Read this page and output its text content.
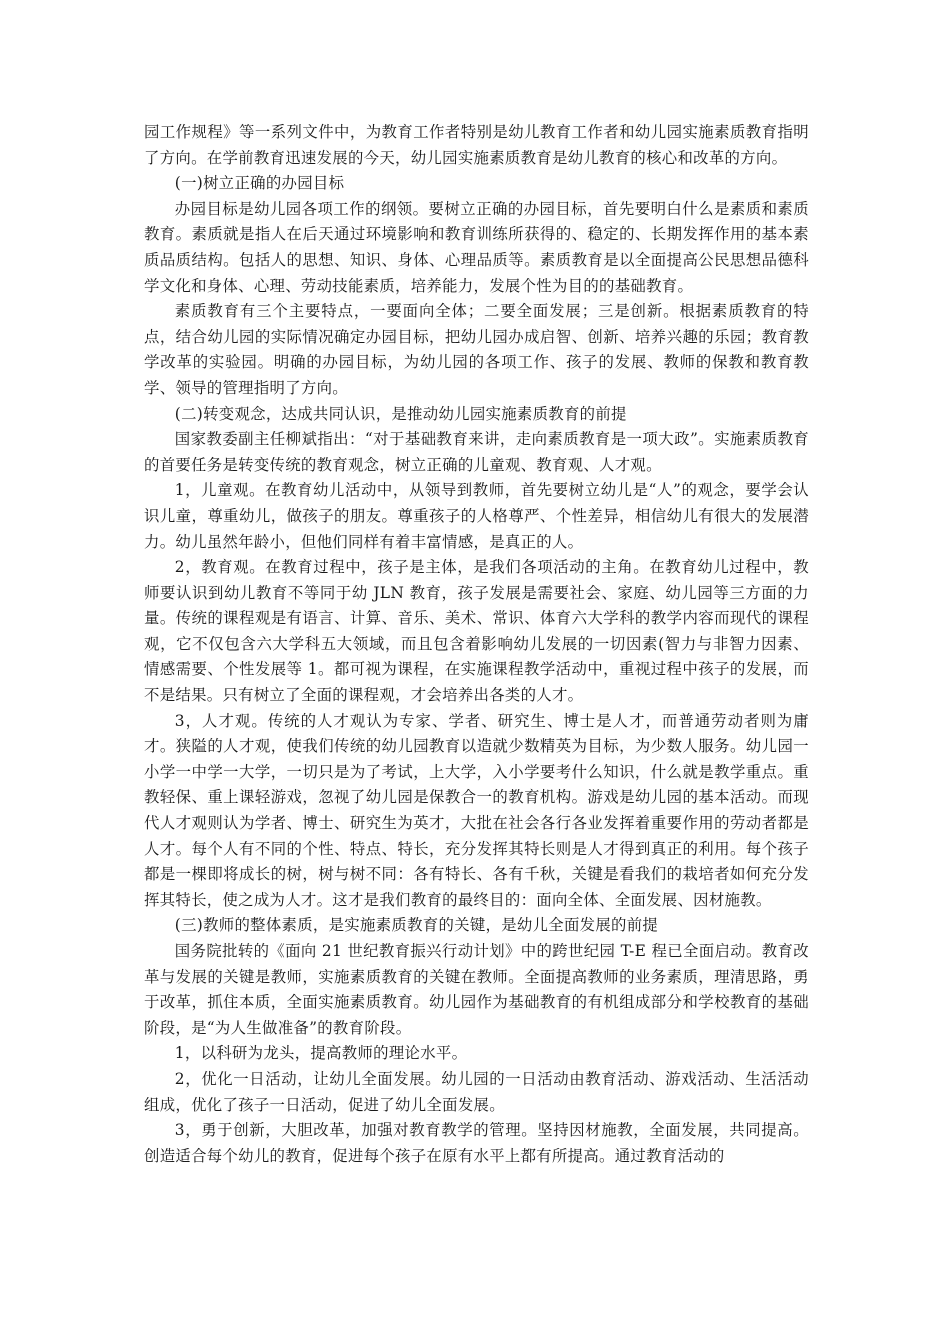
园工作规程》等一系列文件中，为教育工作者特别是幼儿教育工作者和幼儿园实施素质教育指明了方向。在学前教育迅速发展的今天，幼儿园实施素质教育是幼儿教育的核心和改革的方向。

(一)树立正确的办园目标

办园目标是幼儿园各项工作的纲领。要树立正确的办园目标，首先要明白什么是素质和素质教育。素质就是指人在后天通过环境影响和教育训练所获得的、稳定的、长期发挥作用的基本素质品质结构。包括人的思想、知识、身体、心理品质等。素质教育是以全面提高公民思想品德科学文化和身体、心理、劳动技能素质，培养能力，发展个性为目的的基础教育。

素质教育有三个主要特点，一要面向全体；二要全面发展；三是创新。根据素质教育的特点，结合幼儿园的实际情况确定办园目标，把幼儿园办成启智、创新、培养兴趣的乐园；教育教学改革的实验园。明确的办园目标，为幼儿园的各项工作、孩子的发展、教师的保教和教育教学、领导的管理指明了方向。

(二)转变观念，达成共同认识，是推动幼儿园实施素质教育的前提

国家教委副主任柳斌指出：“对于基础教育来讲，走向素质教育是一项大政”。实施素质教育的首要任务是转变传统的教育观念，树立正确的儿童观、教育观、人才观。

1，儿童观。在教育幼儿活动中，从领导到教师，首先要树立幼儿是“人”的观念，要学会认识儿童，尊重幼儿，做孩子的朋友。尊重孩子的人格尊严、个性差异，相信幼儿有很大的发展潜力。幼儿虽然年龄小，但他们同样有着丰富情感，是真正的人。

2，教育观。在教育过程中，孩子是主体，是我们各项活动的主角。在教育幼儿过程中，教师要认识到幼儿教育不等同于幼 JLN 教育，孩子发展是需要社会、家庭、幼儿园等三方面的力量。传统的课程观是有语言、计算、音乐、美术、常识、体育六大学科的教学内容而现代的课程观，它不仅包含六大学科五大领域，而且包含着影响幼儿发展的一切因素(智力与非智力因素、情感需要、个性发展等 1。都可视为课程，在实施课程教学活动中，重视过程中孩子的发展，而不是结果。只有树立了全面的课程观，才会培养出各类的人才。

3，人才观。传统的人才观认为专家、学者、研究生、博士是人才，而普通劳动者则为庸才。狭隘的人才观，使我们传统的幼儿园教育以造就少数精英为目标，为少数人服务。幼儿园一小学一中学一大学，一切只是为了考试，上大学，入小学要考什么知识，什么就是教学重点。重教轻保、重上课轻游戏，忽视了幼儿园是保教合一的教育机构。游戏是幼儿园的基本活动。而现代人才观则认为学者、博士、研究生为英才，大批在社会各行各业发挥着重要作用的劳动者都是人才。每个人有不同的个性、特点、特长，充分发挥其特长则是人才得到真正的利用。每个孩子都是一棵即将成长的树，树与树不同：各有特长、各有千秋，关键是看我们的栽培者如何充分发挥其特长，使之成为人才。这才是我们教育的最终目的：面向全体、全面发展、因材施教。

(三)教师的整体素质，是实施素质教育的关键，是幼儿全面发展的前提

国务院批转的《面向 21 世纪教育振兴行动计划》中的跨世纪园 T-E 程已全面启动。教育改革与发展的关键是教师，实施素质教育的关键在教师。全面提高教师的业务素质，理清思路，勇于改革，抓住本质，全面实施素质教育。幼儿园作为基础教育的有机组成部分和学校教育的基础阶段，是“为人生做准备”的教育阶段。

1，以科研为龙头，提高教师的理论水平。

2，优化一日活动，让幼儿全面发展。幼儿园的一日活动由教育活动、游戏活动、生活活动组成，优化了孩子一日活动，促进了幼儿全面发展。

3，勇于创新，大胆改革，加强对教育教学的管理。坚持因材施教，全面发展，共同提高。创造适合每个幼儿的教育，促进每个孩子在原有水平上都有所提高。通过教育活动的
